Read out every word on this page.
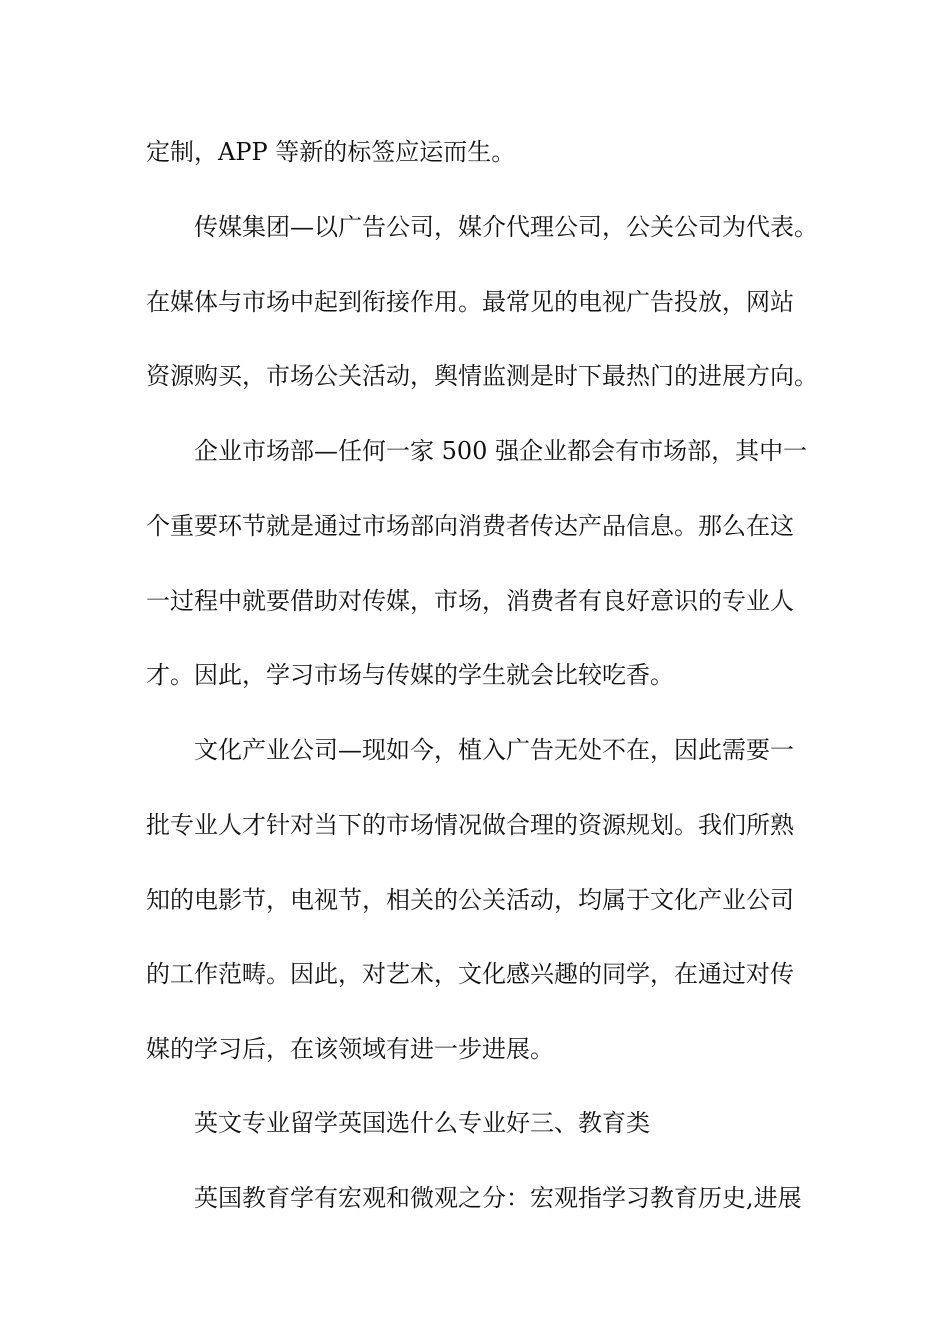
定制，APP 等新的标签应运而生。
传媒集团—以广告公司，媒介代理公司，公关公司为代表。
在媒体与市场中起到衔接作用。最常见的电视广告投放，网站
资源购买，市场公关活动，舆情监测是时下最热门的进展方向。
企业市场部—任何一家 500 强企业都会有市场部，其中一
个重要环节就是通过市场部向消费者传达产品信息。那么在这
一过程中就要借助对传媒，市场，消费者有良好意识的专业人
才。因此，学习市场与传媒的学生就会比较吃香。
文化产业公司—现如今，植入广告无处不在，因此需要一
批专业人才针对当下的市场情况做合理的资源规划。我们所熟
知的电影节，电视节，相关的公关活动，均属于文化产业公司
的工作范畴。因此，对艺术，文化感兴趣的同学，在通过对传
媒的学习后，在该领域有进一步进展。
英文专业留学英国选什么专业好三、教育类
英国教育学有宏观和微观之分：宏观指学习教育历史,进展
